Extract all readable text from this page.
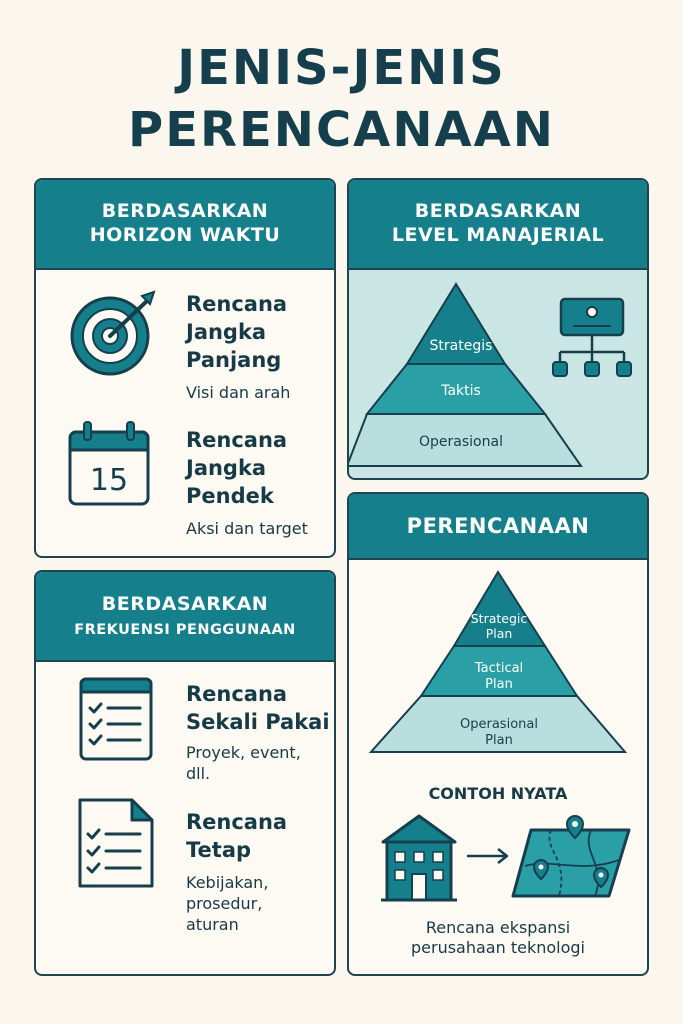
JENIS-JENIS
PERENCANAAN
BERDASARKAN
HORIZON WAKTU
Rencana
Jangka
Panjang
Visi dan arah
15
Rencana
Jangka
Pendek
Aksi dan target
BERDASARKAN
LEVEL MANAJERIAL
Strategis
Taktis
Operasional
BERDASARKAN
FREKUENSI PENGGUNAAN
Rencana
Sekali Pakai
Proyek, event,
dll.
Rencana
Tetap
Kebijakan,
prosedur,
aturan
PERENCANAAN
Strategic
Plan
Tactical
Plan
Operasional
Plan
CONTOH NYATA
Rencana ekspansi
perusahaan teknologi
